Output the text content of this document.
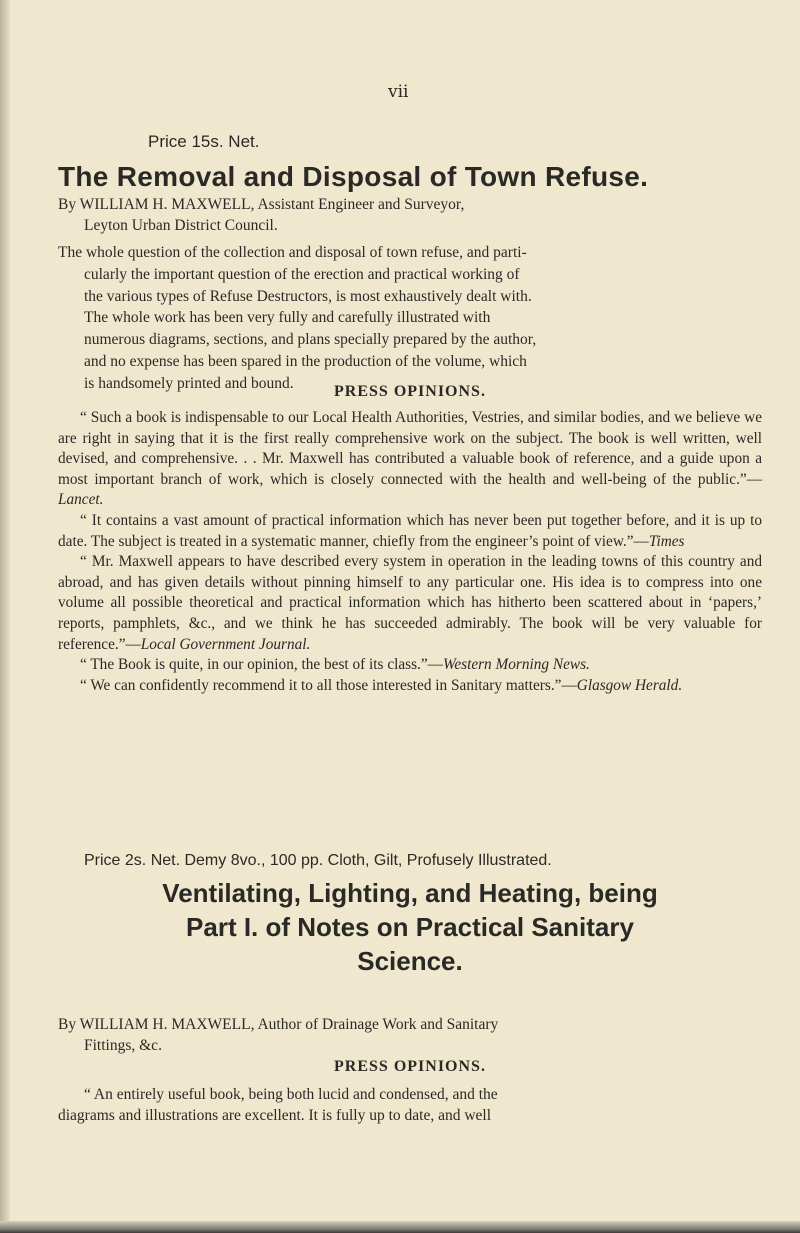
vii
Price 15s. Net.
The Removal and Disposal of Town Refuse.
By WILLIAM H. MAXWELL, Assistant Engineer and Surveyor,
Leyton Urban District Council.
The whole question of the collection and disposal of town refuse, and parti-
cularly the important question of the erection and practical working of
the various types of Refuse Destructors, is most exhaustively dealt with.
The whole work has been very fully and carefully illustrated with
numerous diagrams, sections, and plans specially prepared by the author,
and no expense has been spared in the production of the volume, which
is handsomely printed and bound.	PRESS OPINIONS.

“ Such a book is indispensable to our Local Health Authorities, Vestries, and similar bodies, and we believe we are right in saying that it is the first really comprehensive work on the subject. The book is well written, well devised, and comprehensive. . . Mr. Maxwell has contributed a valuable book of reference, and a guide upon a most important branch of work, which is closely connected with the health and well-being of the public.”—Lancet.

“ It contains a vast amount of practical information which has never been put together before, and it is up to date. The subject is treated in a systematic manner, chiefly from the engineer’s point of view.”—Times

“ Mr. Maxwell appears to have described every system in operation in the leading towns of this country and abroad, and has given details without pinning himself to any particular one. His idea is to compress into one volume all possible theoretical and practical information which has hitherto been scattered about in ‘papers,’ reports, pamphlets, &c., and we think he has succeeded admirably. The book will be very valuable for reference.”—Local Government Journal.

“ The Book is quite, in our opinion, the best of its class.”—Western Morning News.

“ We can confidently recommend it to all those interested in Sanitary matters.”—Glasgow Herald.

Price 2s. Net. Demy 8vo., 100 pp. Cloth, Gilt, Profusely Illustrated.
Ventilating, Lighting, and Heating, being
Part I. of Notes on Practical Sanitary
Science.
By WILLIAM H. MAXWELL, Author of Drainage Work and Sanitary
Fittings, &c.
PRESS OPINIONS.

“ An entirely useful book, being both lucid and condensed, and the

diagrams and illustrations are excellent. It is fully up to date, and well
